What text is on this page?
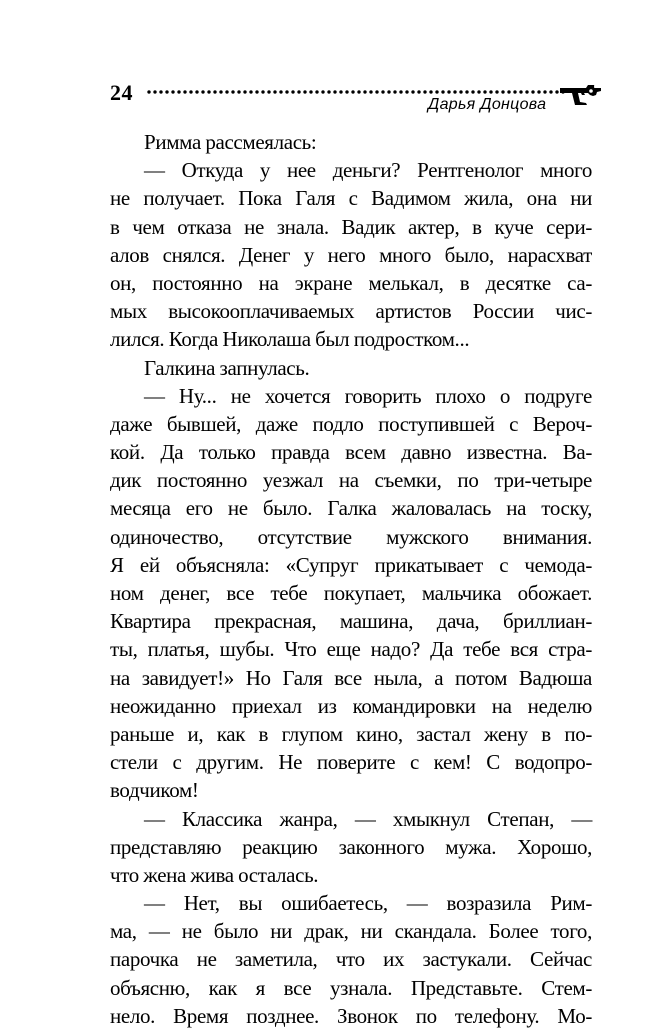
24	Дарья Донцова
Римма рассмеялась:
— Откуда у нее деньги? Рентгенолог много
не получает. Пока Галя с Вадимом жила, она ни
в чем отказа не знала. Вадик актер, в куче сери-
алов снялся. Денег у него много было, нарасхват
он, постоянно на экране мелькал, в десятке са-
мых высокооплачиваемых артистов России чис-
лился. Когда Николаша был подростком...
Галкина запнулась.
— Ну... не хочется говорить плохо о подруге
даже бывшей, даже подло поступившей с Вероч-
кой. Да только правда всем давно известна. Ва-
дик постоянно уезжал на съемки, по три-четыре
месяца его не было. Галка жаловалась на тоску,
одиночество, отсутствие мужского внимания.
Я ей объясняла: «Супруг прикатывает с чемода-
ном денег, все тебе покупает, мальчика обожает.
Квартира прекрасная, машина, дача, бриллиан-
ты, платья, шубы. Что еще надо? Да тебе вся стра-
на завидует!» Но Галя все ныла, а потом Вадюша
неожиданно приехал из командировки на неделю
раньше и, как в глупом кино, застал жену в по-
стели с другим. Не поверите с кем! С водопро-
водчиком!
— Классика жанра, — хмыкнул Степан, —
представляю реакцию законного мужа. Хорошо,
что жена жива осталась.
— Нет, вы ошибаетесь, — возразила Рим-
ма, — не было ни драк, ни скандала. Более того,
парочка не заметила, что их застукали. Сейчас
объясню, как я все узнала. Представьте. Стем-
нело. Время позднее. Звонок по телефону. Мо-
